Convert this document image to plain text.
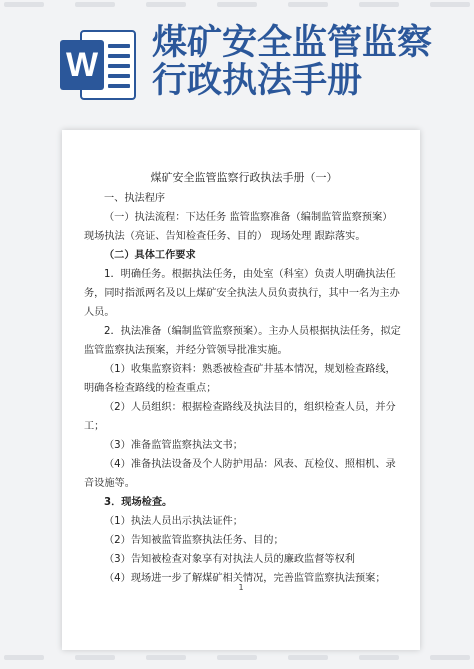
W
煤矿安全监管监察
行政执法手册
煤矿安全监管监察行政执法手册（一）

一、执法程序

（一）执法流程：下达任务 监管监察准备（编制监管监察预案） 现场执法（亮证、告知检查任务、目的） 现场处理 跟踪落实。

（二）具体工作要求

1．明确任务。根据执法任务，由处室（科室）负责人明确执法任务，同时指派两名及以上煤矿安全执法人员负责执行，其中一名为主办人员。

2．执法准备（编制监管监察预案）。主办人员根据执法任务，拟定监管监察执法预案，并经分管领导批准实施。

（1）收集监察资料：熟悉被检查矿井基本情况，规划检查路线，明确各检查路线的检查重点；

（2）人员组织：根据检查路线及执法目的，组织检查人员，并分工；

（3）准备监管监察执法文书；

（4）准备执法设备及个人防护用品：风表、瓦检仪、照相机、录音设施等。

3．现场检查。

（1）执法人员出示执法证件；

（2）告知被监管监察执法任务、目的；

（3）告知被检查对象享有对执法人员的廉政监督等权利

（4）现场进一步了解煤矿相关情况，完善监管监察执法预案；

1
